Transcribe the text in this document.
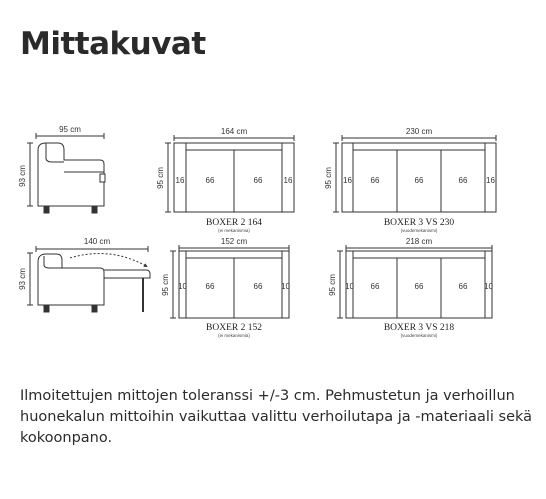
Mittakuvat
95 cm
93 cm
140 cm
93 cm
164 cm
95 cm 16	16
66	66
BOXER 2 164
(ei mekanismia)
230 cm
95 cm 16	16
66	66	66
BOXER 3 VS 230
(vuodemekanismi)
152 cm
95 cm 10	10
66	66
BOXER 2 152
(ei mekanismia)
218 cm
95 cm 10	10
66	66	66
BOXER 3 VS 218
(vuodemekanismi)

Ilmoitettujen mittojen toleranssi +/-3 cm. Pehmustetun ja verhoillun huonekalun mittoihin vaikuttaa valittu verhoilutapa ja -materiaali sekä kokoonpano.
